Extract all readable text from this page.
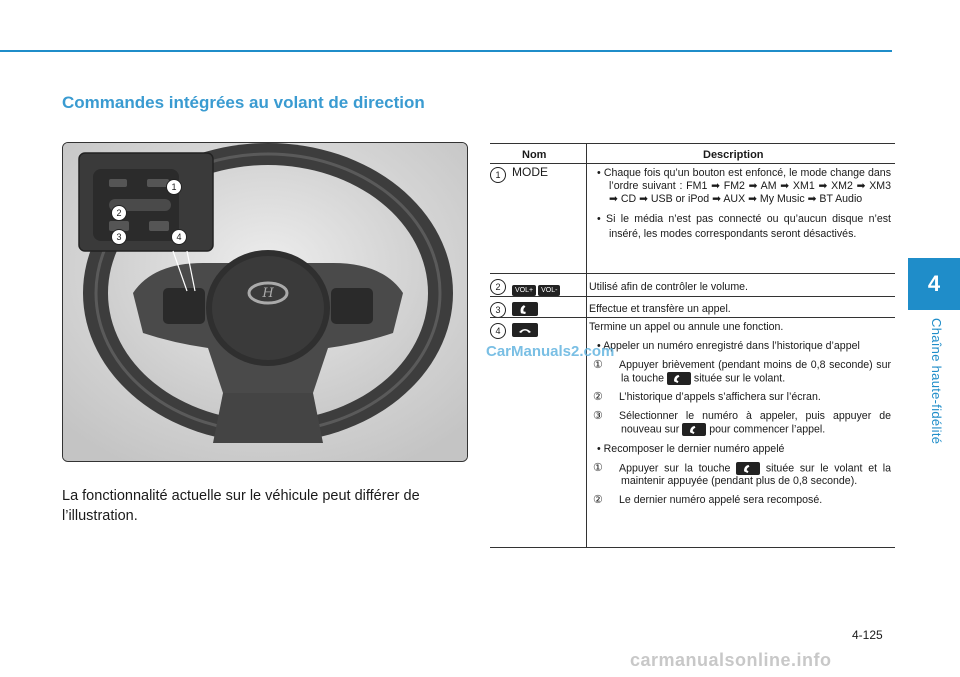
Commandes intégrées au volant de direction
H
1
2
3	4
La fonctionnalité actuelle sur le véhicule peut différer de l’illustration.
Nom	Description
1 MODE	• Chaque fois qu’un bouton est enfoncé, le mode change dans l’ordre suivant : FM1 ➡ FM2 ➡ AM ➡ XM1 ➡ XM2 ➡ XM3 ➡ CD ➡ USB or iPod ➡ AUX ➡ My Music ➡ BT Audio

• Si le média n’est pas connecté ou qu’aucun disque n’est inséré, les modes correspondants seront désactivés.

2	VOL+ VOL-	Utilisé afin de contrôler le volume.

3	Effectue et transfère un appel.

4	Termine un appel ou annule une fonction.

• Appeler un numéro enregistré dans l’historique d’appel

① Appuyer brièvement (pendant moins de 0,8 seconde) sur la touche	située sur le volant.

② L’historique d’appels s’affichera sur l’écran.

③ Sélectionner le numéro à appeler, puis appuyer de nouveau sur	pour commencer l’appel.

• Recomposer le dernier numéro appelé

① Appuyer sur la touche	située sur le volant et la maintenir appuyée (pendant plus de 0,8 seconde).

② Le dernier numéro appelé sera recomposé.

4
Chaîne haute-fidélité
4-125
CarManuals2.com
carmanualsonline.info
